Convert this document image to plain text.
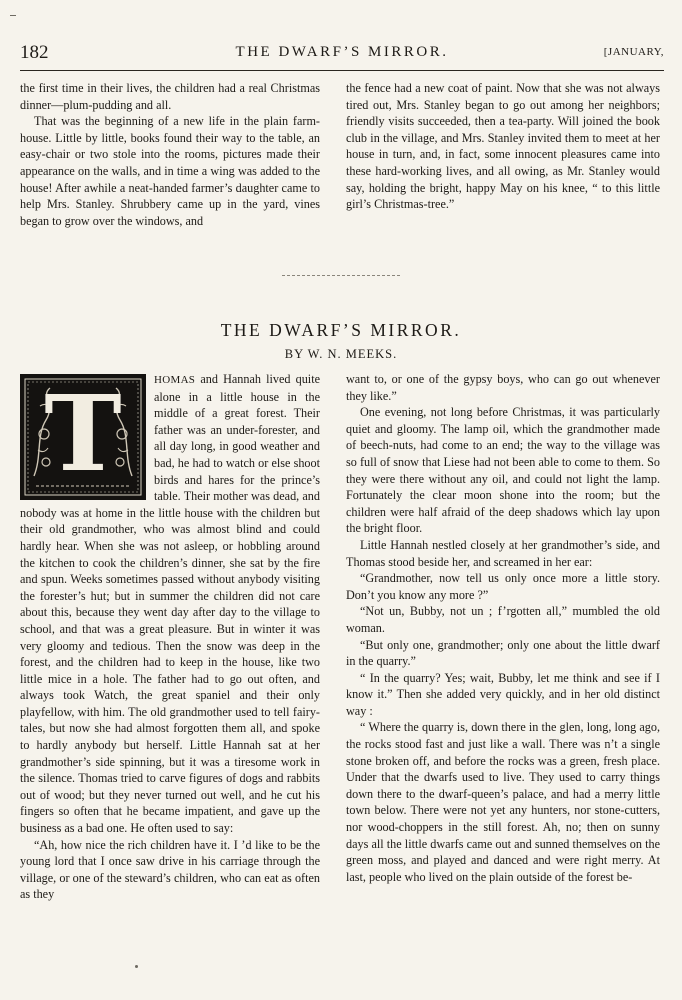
182	THE DWARF’S MIRROR.	[JANUARY,

the first time in their lives, the children had a real Christmas dinner—plum-pudding and all.

That was the beginning of a new life in the plain farm-house. Little by little, books found their way to the table, an easy-chair or two stole into the rooms, pictures made their appearance on the walls, and in time a wing was added to the house! After awhile a neat-handed farmer’s daughter came to help Mrs. Stanley. Shrubbery came up in the yard, vines began to grow over the windows, and

the fence had a new coat of paint. Now that she was not always tired out, Mrs. Stanley began to go out among her neighbors; friendly visits succeeded, then a tea-party. Will joined the book club in the village, and Mrs. Stanley invited them to meet at her house in turn, and, in fact, some innocent pleasures came into these hard-working lives, and all owing, as Mr. Stanley would say, holding the bright, happy May on his knee, “ to this little girl’s Christmas-tree.”

THE DWARF’S MIRROR.
BY W. N. MEEKS.
T	HOMAS and Hannah lived quite alone in a little house in the middle of a great forest. Their father was an under-forester, and all day long, in good weather and bad, he had to watch or else shoot birds and hares for the prince’s table. Their mother was dead, and nobody was at home in the little house with the children but their old grandmother, who was almost blind and could hardly hear. When she was not asleep, or hobbling around the kitchen to cook the children’s dinner, she sat by the fire and spun. Weeks sometimes passed without anybody visiting the forester’s hut; but in summer the children did not care about this, because they went day after day to the village to school, and that was a great pleasure. But in winter it was very gloomy and tedious. Then the snow was deep in the forest, and the children had to keep in the house, like two little mice in a hole. The father had to go out often, and always took Watch, the great spaniel and their only playfellow, with him. The old grandmother used to tell fairy-tales, but now she had almost forgotten them all, and spoke to hardly anybody but herself. Little Hannah sat at her grandmother’s side spinning, but it was a tiresome work in the silence. Thomas tried to carve figures of dogs and rabbits out of wood; but they never turned out well, and he cut his fingers so often that he became impatient, and gave up the business as a bad one. He often used to say:

“Ah, how nice the rich children have it. I ’d like to be the young lord that I once saw drive in his carriage through the village, or one of the steward’s children, who can eat as often as they

want to, or one of the gypsy boys, who can go out whenever they like.”

One evening, not long before Christmas, it was particularly quiet and gloomy. The lamp oil, which the grandmother made of beech-nuts, had come to an end; the way to the village was so full of snow that Liese had not been able to come to them. So they were there without any oil, and could not light the lamp. Fortunately the clear moon shone into the room; but the children were half afraid of the deep shadows which lay upon the bright floor.

Little Hannah nestled closely at her grandmother’s side, and Thomas stood beside her, and screamed in her ear:

“Grandmother, now tell us only once more a little story. Don’t you know any more ?”

“Not un, Bubby, not un ; f’rgotten all,” mumbled the old woman.

“But only one, grandmother; only one about the little dwarf in the quarry.”

“ In the quarry? Yes; wait, Bubby, let me think and see if I know it.” Then she added very quickly, and in her old distinct way :

“ Where the quarry is, down there in the glen, long, long ago, the rocks stood fast and just like a wall. There was n’t a single stone broken off, and before the rocks was a green, fresh place. Under that the dwarfs used to live. They used to carry things down there to the dwarf-queen’s palace, and had a merry little town below. There were not yet any hunters, nor stone-cutters, nor wood-choppers in the still forest. Ah, no; then on sunny days all the little dwarfs came out and sunned themselves on the green moss, and played and danced and were right merry. At last, people who lived on the plain outside of the forest be-
